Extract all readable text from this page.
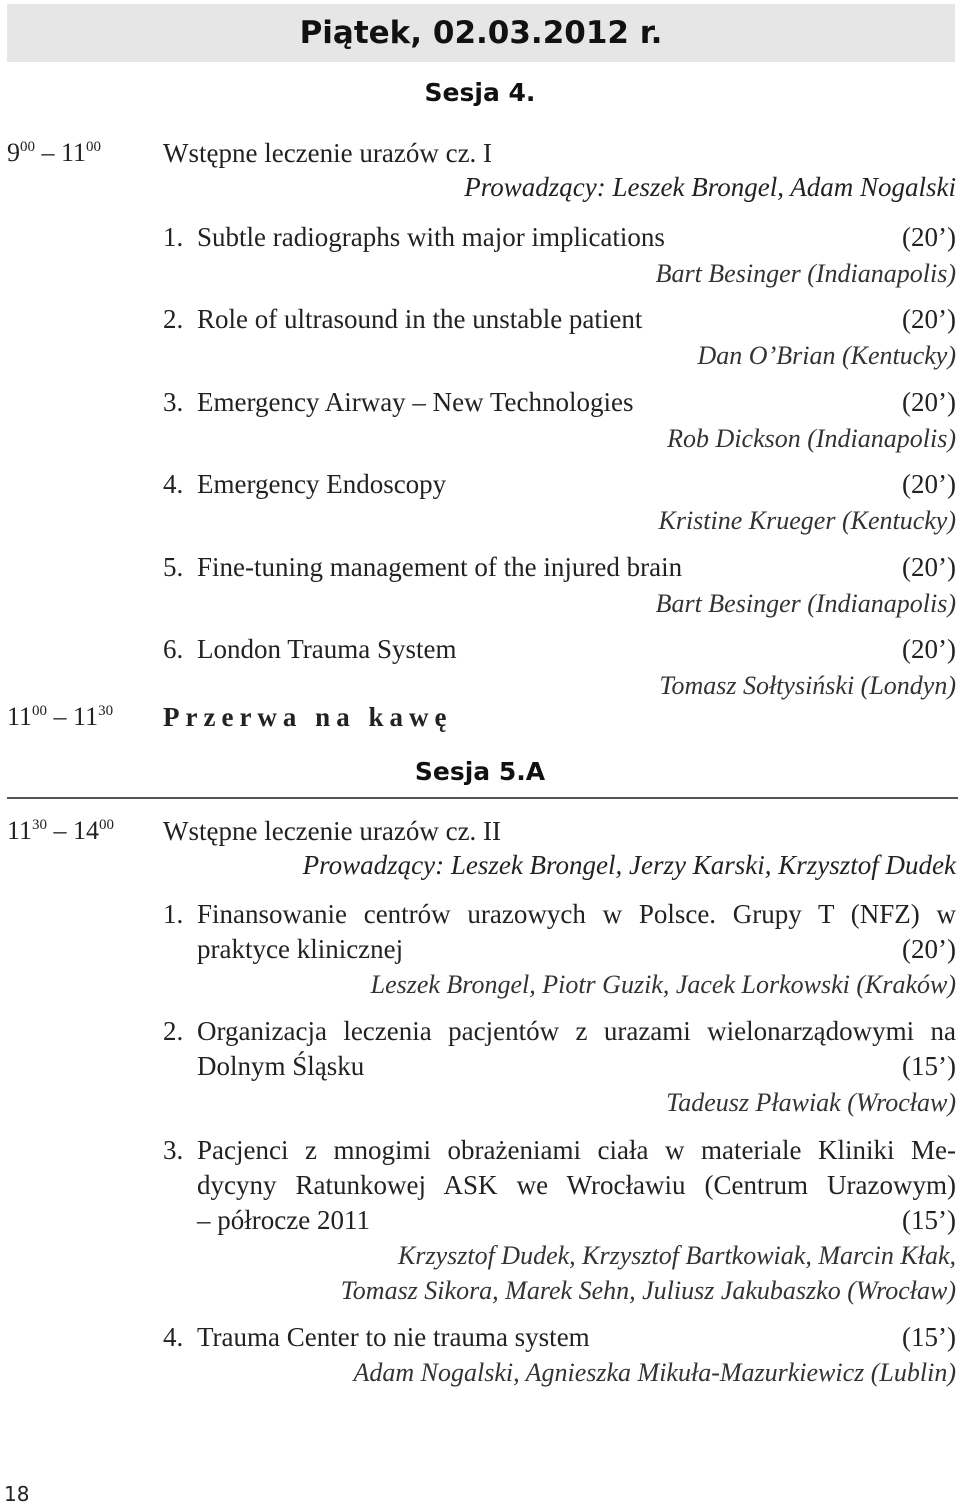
Piątek, 02.03.2012 r.
Sesja 4.
$9^{00} - 11^{00}$ Wstępne leczenie urazów cz. I
Prowadzący: Leszek Brongel, Adam Nogalski
1. Subtle radiographs with major implications	(20’)
Bart Besinger (Indianapolis)
2. Role of ultrasound in the unstable patient	(20’)
Dan O’Brian (Kentucky)
3. Emergency Airway – New Technologies	(20’)
Rob Dickson (Indianapolis)
4. Emergency Endoscopy	(20’)
Kristine Krueger (Kentucky)
5. Fine-tuning management of the injured brain	(20’)
Bart Besinger (Indianapolis)
6. London Trauma System	(20’)
Tomasz Sołtysiński (Londyn)
$11^{00} - 11^{30}$ Przerwa na kawę
Sesja 5.A
$11^{30} - 14^{00}$ Wstępne leczenie urazów cz. II
Prowadzący: Leszek Brongel, Jerzy Karski, Krzysztof Dudek
1. Finansowanie centrów urazowych w Polsce. Grupy T (NFZ) w
praktyce klinicznej	(20’)
Leszek Brongel, Piotr Guzik, Jacek Lorkowski (Kraków)
2. Organizacja leczenia pacjentów z urazami wielonarządowymi na
Dolnym Śląsku	(15’)
Tadeusz Pławiak (Wrocław)
3. Pacjenci z mnogimi obrażeniami ciała w materiale Kliniki Me-
dycyny Ratunkowej ASK we Wrocławiu (Centrum Urazowym)
– półrocze 2011	(15’)
Krzysztof Dudek, Krzysztof Bartkowiak, Marcin Kłak,
Tomasz Sikora, Marek Sehn, Juliusz Jakubaszko (Wrocław)
4. Trauma Center to nie trauma system	(15’)
Adam Nogalski, Agnieszka Mikuła-Mazurkiewicz (Lublin)
18
